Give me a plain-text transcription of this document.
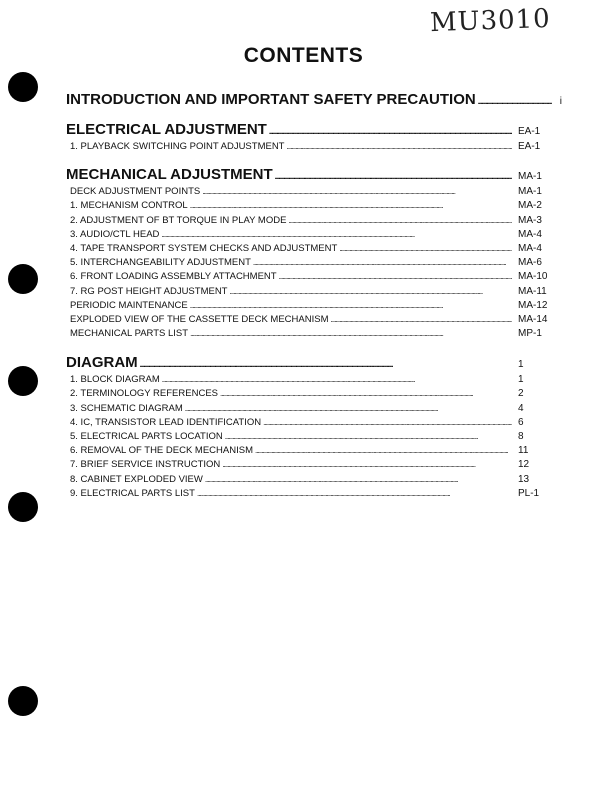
MU3010
CONTENTS
INTRODUCTION AND IMPORTANT SAFETY PRECAUTION . . .	i
ELECTRICAL ADJUSTMENT . . .	EA-1
1. PLAYBACK SWITCHING POINT ADJUSTMENT . . .	EA-1
MECHANICAL ADJUSTMENT . . .	MA-1
DECK ADJUSTMENT POINTS . . .	MA-1
1. MECHANISM CONTROL . . .	MA-2
2. ADJUSTMENT OF BT TORQUE IN PLAY MODE . . .	MA-3
3. AUDIO/CTL HEAD . . .	MA-4
4. TAPE TRANSPORT SYSTEM CHECKS AND ADJUSTMENT . . .	MA-4
5. INTERCHANGEABILITY ADJUSTMENT . . .	MA-6
6. FRONT LOADING ASSEMBLY ATTACHMENT . . .	MA-10
7. RG POST HEIGHT ADJUSTMENT . . .	MA-11
PERIODIC MAINTENANCE . . .	MA-12
EXPLODED VIEW OF THE CASSETTE DECK MECHANISM . . .	MA-14
MECHANICAL PARTS LIST . . .	MP-1
DIAGRAM . . .	1
1. BLOCK DIAGRAM . . .	1
2. TERMINOLOGY REFERENCES . . .	2
3. SCHEMATIC DIAGRAM . . .	4
4. IC, TRANSISTOR LEAD IDENTIFICATION . . .	6
5. ELECTRICAL PARTS LOCATION . . .	8
6. REMOVAL OF THE DECK MECHANISM . . .	11
7. BRIEF SERVICE INSTRUCTION . . .	12
8. CABINET EXPLODED VIEW . . .	13
9. ELECTRICAL PARTS LIST . . .	PL-1
